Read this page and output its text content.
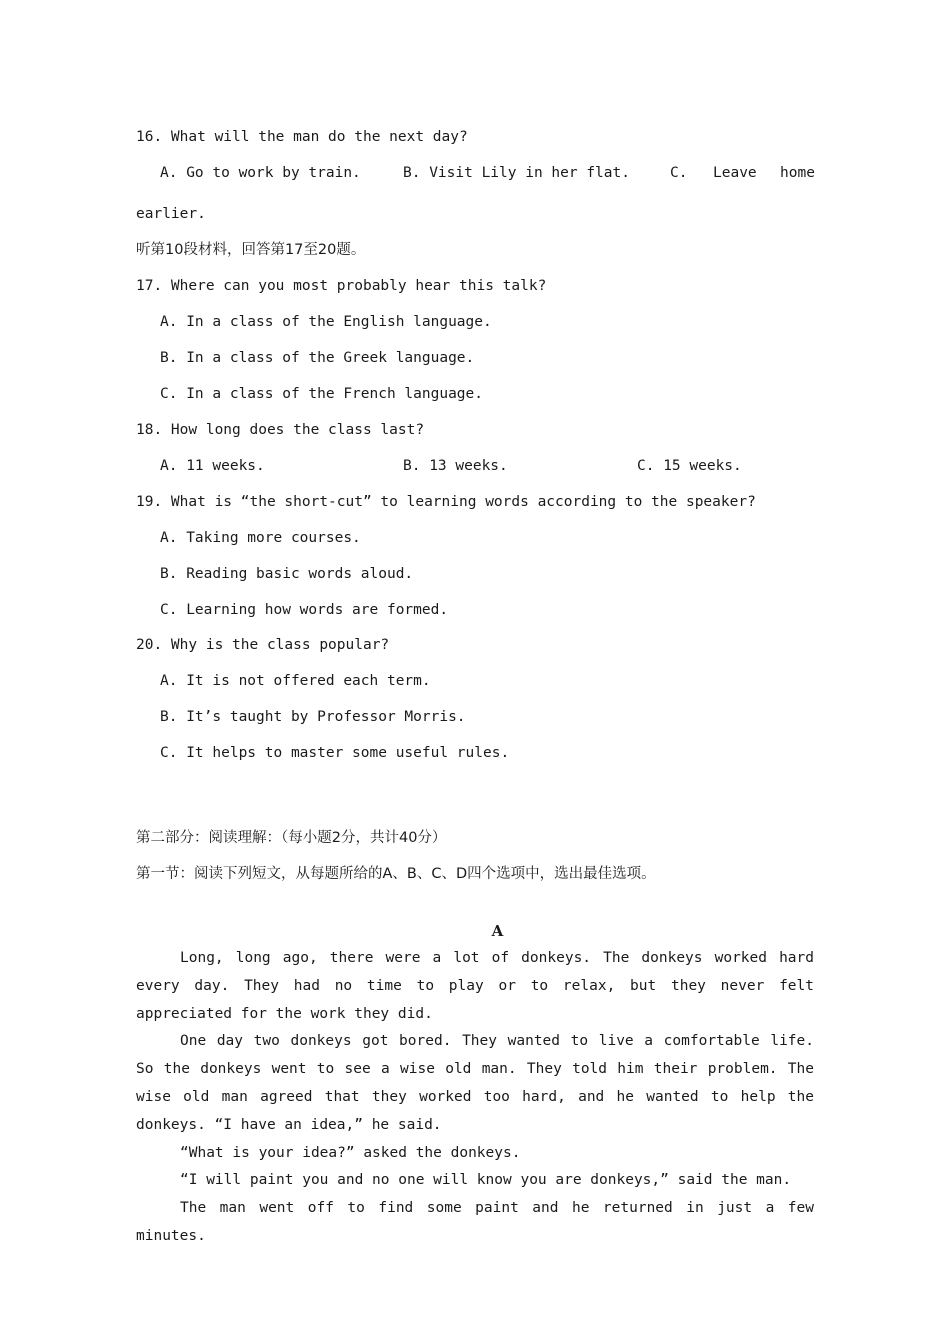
16. What will the man do the next day?
A. Go to work by train.	B. Visit Lily in her flat.	C. Leave home
earlier.
听第10段材料，回答第17至20题。
17. Where can you most probably hear this talk?
A. In a class of the English language.
B. In a class of the Greek language.
C. In a class of the French language.
18. How long does the class last?
A. 11 weeks.	B. 13 weeks.	C. 15 weeks.
19. What is “the short-cut” to learning words according to the speaker?
A. Taking more courses.
B. Reading basic words aloud.
C. Learning how words are formed.
20. Why is the class popular?
A. It is not offered each term.
B. It’s taught by Professor Morris.
C. It helps to master some useful rules.
第二部分：阅读理解：（每小题2分，共计40分）
第一节：阅读下列短文，从每题所给的A、B、C、D四个选项中，选出最佳选项。
A

Long, long ago, there were a lot of donkeys. The donkeys worked hard every day. They had no time to play or to relax, but they never felt appreciated for the work they did.

One day two donkeys got bored. They wanted to live a comfortable life. So the donkeys went to see a wise old man. They told him their problem. The wise old man agreed that they worked too hard, and he wanted to help the donkeys. “I have an idea,” he said.

“What is your idea?” asked the donkeys.

“I will paint you and no one will know you are donkeys,” said the man.

The man went off to find some paint and he returned in just a few minutes.
